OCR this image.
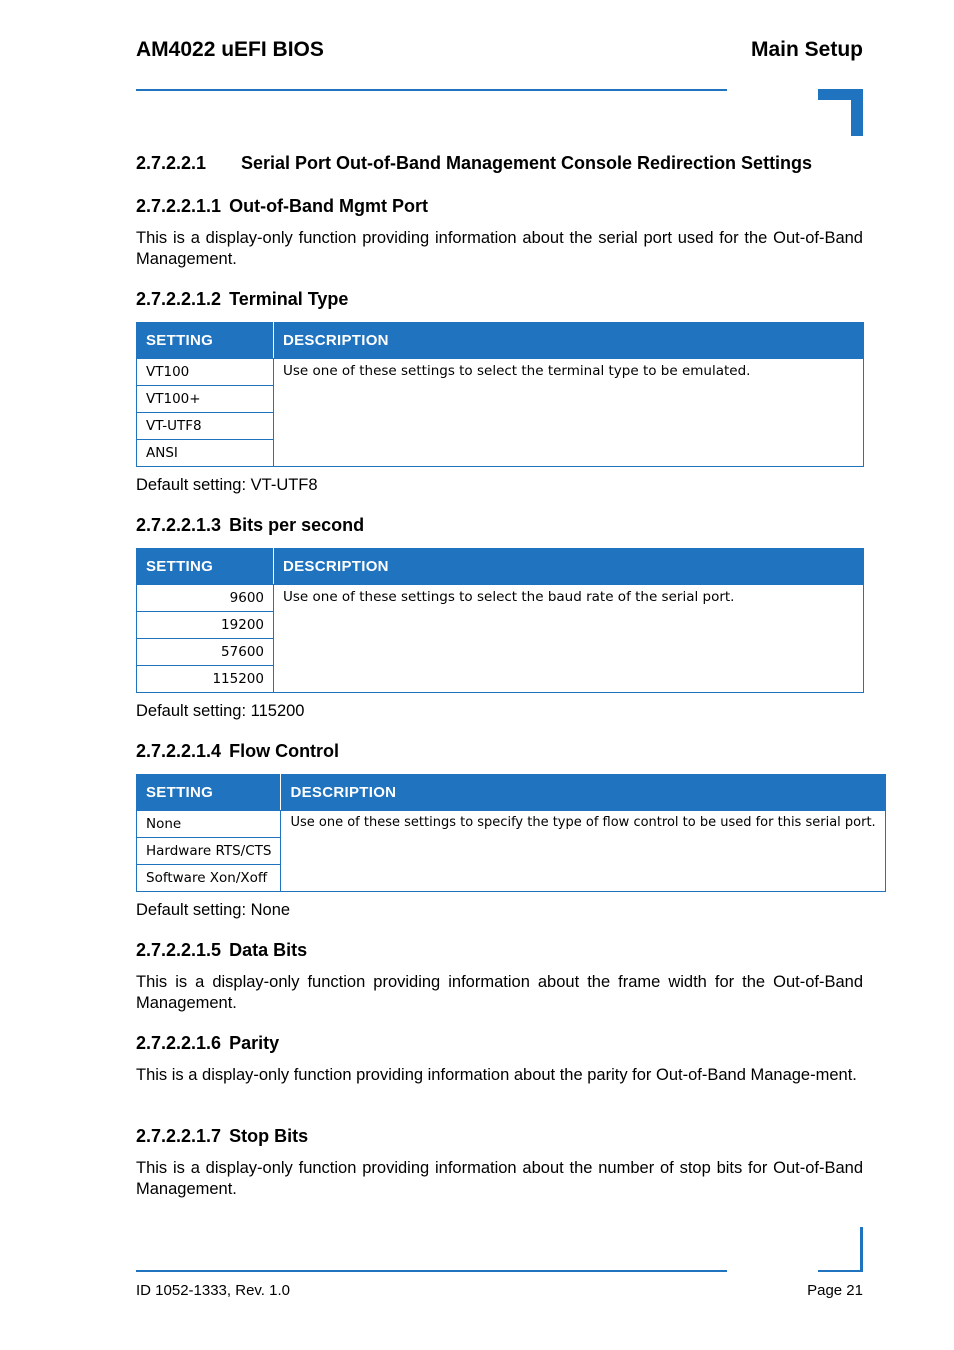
AM4022 uEFI BIOS	Main Setup
2.7.2.2.1 Serial Port Out-of-Band Management Console Redirection Settings
2.7.2.2.1.1 Out-of-Band Mgmt Port
This is a display-only function providing information about the serial port used for the Out-of-Band Management.
2.7.2.2.1.2 Terminal Type
SETTING	DESCRIPTION
VT100	Use one of these settings to select the terminal type to be emulated.
VT100+	
VT-UTF8	
ANSI	
Default setting: VT-UTF8
2.7.2.2.1.3 Bits per second
SETTING	DESCRIPTION
9600	Use one of these settings to select the baud rate of the serial port.
19200	
57600	
115200	
Default setting: 115200
2.7.2.2.1.4 Flow Control
SETTING	DESCRIPTION
None	Use one of these settings to specify the type of flow control to be used for this serial port.
Hardware RTS/CTS	
Software Xon/Xoff	
Default setting: None
2.7.2.2.1.5 Data Bits
This is a display-only function providing information about the frame width for the Out-of-Band Management.
2.7.2.2.1.6 Parity
This is a display-only function providing information about the parity for Out-of-Band Manage-ment.
2.7.2.2.1.7 Stop Bits
This is a display-only function providing information about the number of stop bits for Out-of-Band Management.
ID 1052-1333, Rev. 1.0	Page 21
